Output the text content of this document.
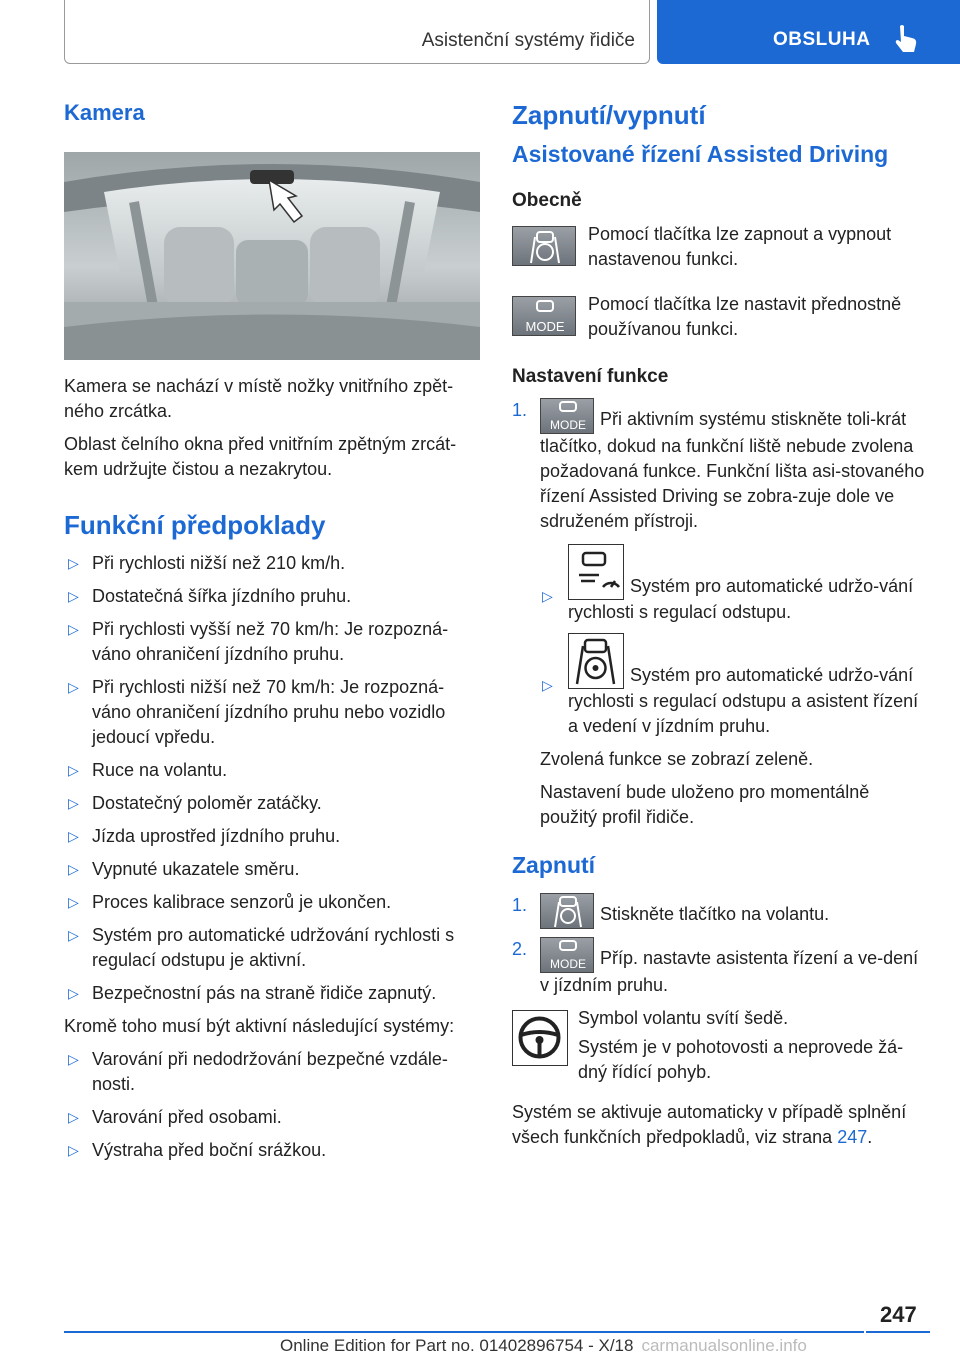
Asistenční systémy řidiče	OBSLUHA
Kamera

Kamera se nachází v místě nožky vnitřního zpět-ného zrcátka.

Oblast čelního okna před vnitřním zpětným zrcát-kem udržujte čistou a nezakrytou.

Funkční předpoklady
▷ Při rychlosti nižší než 210 km/h.
▷ Dostatečná šířka jízdního pruhu.
▷ Při rychlosti vyšší než 70 km/h: Je rozpozná-váno ohraničení jízdního pruhu.
▷ Při rychlosti nižší než 70 km/h: Je rozpozná-váno ohraničení jízdního pruhu nebo vozidlo jedoucí vpředu.
▷ Ruce na volantu.
▷ Dostatečný poloměr zatáčky.
▷ Jízda uprostřed jízdního pruhu.
▷ Vypnuté ukazatele směru.
▷ Proces kalibrace senzorů je ukončen.
▷ Systém pro automatické udržování rychlosti s regulací odstupu je aktivní.
▷ Bezpečnostní pás na straně řidiče zapnutý.

Kromě toho musí být aktivní následující systémy:

▷ Varování při nedodržování bezpečné vzdále-nosti.
▷ Varování před osobami.
▷ Výstraha před boční srážkou.
Zapnutí/vypnutí
Asistované řízení Assisted Driving
Obecně

Pomocí tlačítka lze zapnout a vypnout nastavenou funkci.

MODE

Pomocí tlačítka lze nastavit přednostně používanou funkci.

Nastavení funkce
1.
MODE Při aktivním systému stiskněte toli-krát tlačítko, dokud na funkční liště nebude zvolena požadovaná funkce. Funkční lišta asi-stovaného řízení Assisted Driving se zobra-zuje dole ve sdruženém přístroji.
▷	Systém pro automatické udržo-vání rychlosti s regulací odstupu.
▷	Systém pro automatické udržo-vání rychlosti s regulací odstupu a asistent řízení a vedení v jízdním pruhu.

Zvolená funkce se zobrazí zeleně.

Nastavení bude uloženo pro momentálně použitý profil řidiče.

Zapnutí
1.	Stiskněte tlačítko na volantu.
2.
MODE Příp. nastavte asistenta řízení a ve-dení v jízdním pruhu.

Symbol volantu svítí šedě.

Systém je v pohotovosti a neprovede žá-dný řídící pohyb.

Systém se aktivuje automaticky v případě splnění všech funkčních předpokladů, viz strana 247.

247
Online Edition for Part no. 01402896754 - X/18 carmanualsonline.info
